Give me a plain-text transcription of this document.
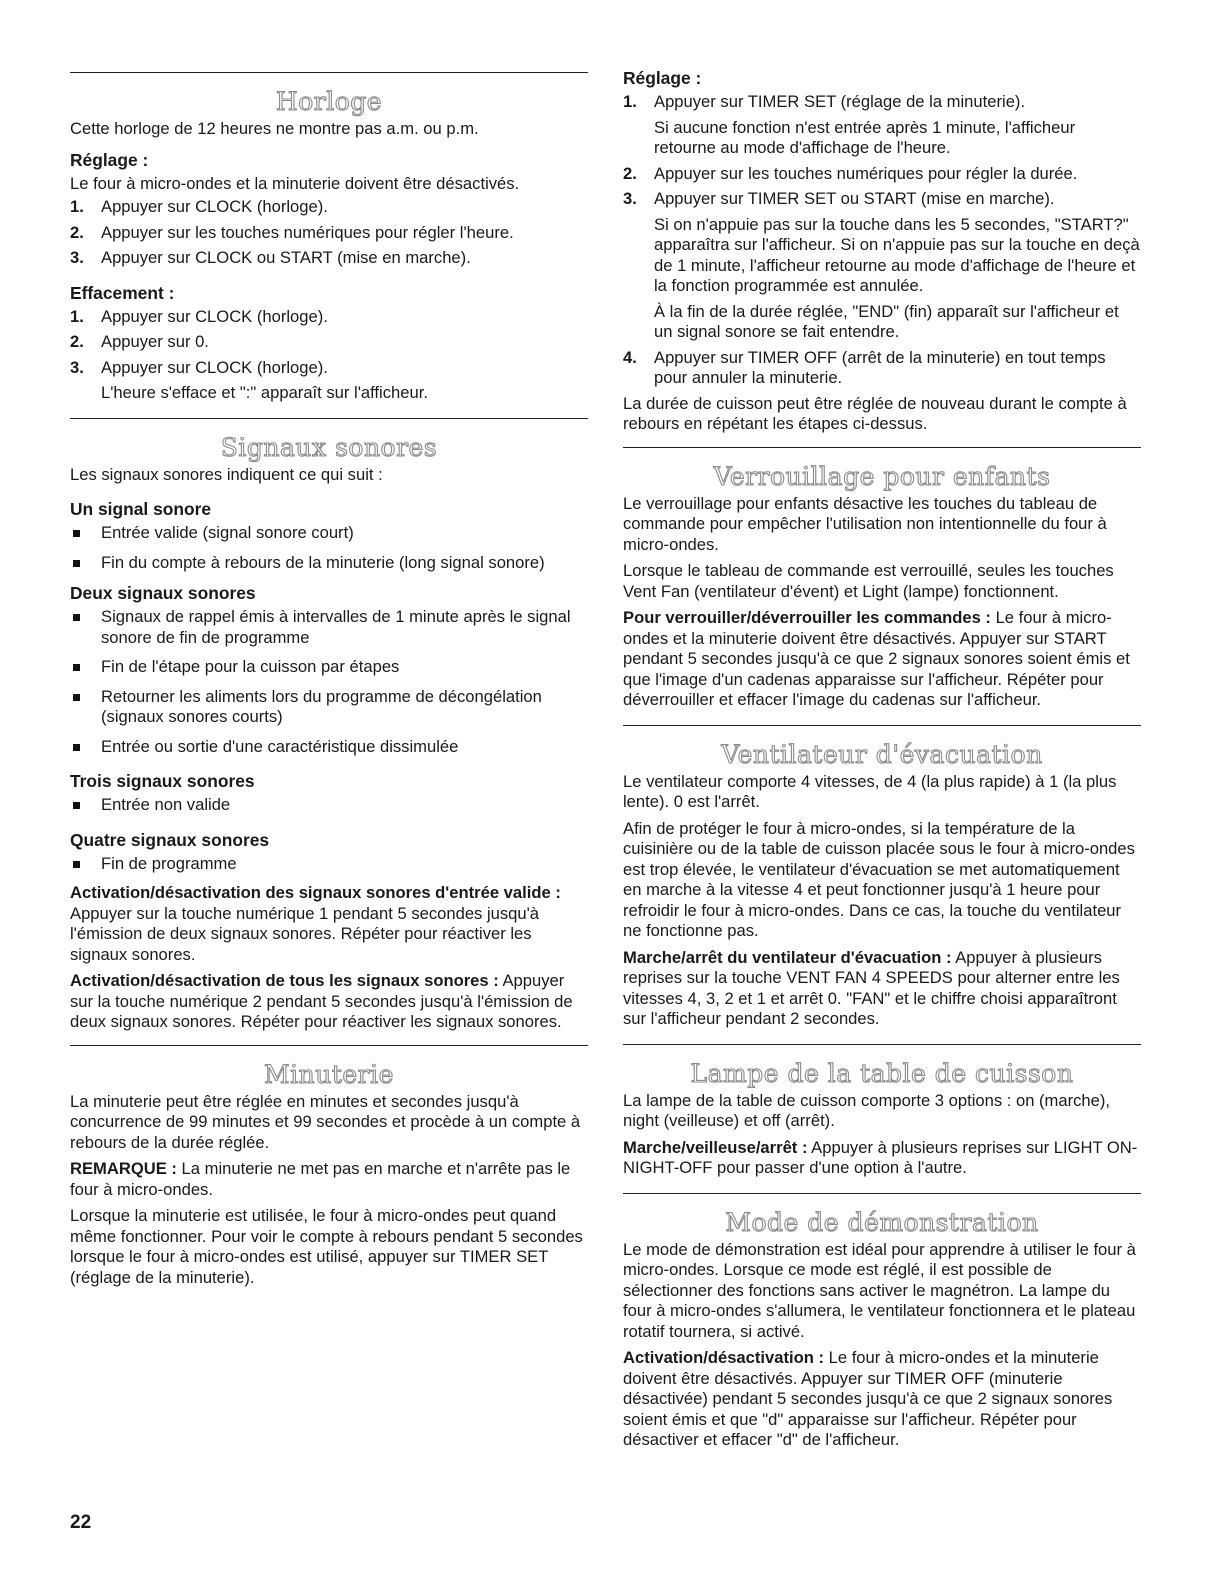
Horloge

Cette horloge de 12 heures ne montre pas a.m. ou p.m.

Réglage :

Le four à micro-ondes et la minuterie doivent être désactivés.

1. Appuyer sur CLOCK (horloge).
2. Appuyer sur les touches numériques pour régler l'heure.
3. Appuyer sur CLOCK ou START (mise en marche).
Effacement :
1. Appuyer sur CLOCK (horloge).
2. Appuyer sur 0.
3. Appuyer sur CLOCK (horloge).
L'heure s'efface et ":" apparaît sur l'afficheur.
Signaux sonores

Les signaux sonores indiquent ce qui suit :

Un signal sonore
Entrée valide (signal sonore court)
Fin du compte à rebours de la minuterie (long signal sonore)
Deux signaux sonores
Signaux de rappel émis à intervalles de 1 minute après le signal sonore de fin de programme
Fin de l'étape pour la cuisson par étapes
Retourner les aliments lors du programme de décongélation (signaux sonores courts)
Entrée ou sortie d'une caractéristique dissimulée
Trois signaux sonores
Entrée non valide
Quatre signaux sonores
Fin de programme

Activation/désactivation des signaux sonores d'entrée valide : Appuyer sur la touche numérique 1 pendant 5 secondes jusqu'à l'émission de deux signaux sonores. Répéter pour réactiver les signaux sonores.

Activation/désactivation de tous les signaux sonores : Appuyer sur la touche numérique 2 pendant 5 secondes jusqu'à l'émission de deux signaux sonores. Répéter pour réactiver les signaux sonores.

Minuterie

La minuterie peut être réglée en minutes et secondes jusqu'à concurrence de 99 minutes et 99 secondes et procède à un compte à rebours de la durée réglée.

REMARQUE : La minuterie ne met pas en marche et n'arrête pas le four à micro-ondes.

Lorsque la minuterie est utilisée, le four à micro-ondes peut quand même fonctionner. Pour voir le compte à rebours pendant 5 secondes lorsque le four à micro-ondes est utilisé, appuyer sur TIMER SET (réglage de la minuterie).

Réglage :
1. Appuyer sur TIMER SET (réglage de la minuterie).
Si aucune fonction n'est entrée après 1 minute, l'afficheur retourne au mode d'affichage de l'heure.
2. Appuyer sur les touches numériques pour régler la durée.
3. Appuyer sur TIMER SET ou START (mise en marche).
Si on n'appuie pas sur la touche dans les 5 secondes, "START?" apparaîtra sur l'afficheur. Si on n'appuie pas sur la touche en deçà de 1 minute, l'afficheur retourne au mode d'affichage de l'heure et la fonction programmée est annulée.
À la fin de la durée réglée, "END" (fin) apparaît sur l'afficheur et un signal sonore se fait entendre.
4. Appuyer sur TIMER OFF (arrêt de la minuterie) en tout temps pour annuler la minuterie.

La durée de cuisson peut être réglée de nouveau durant le compte à rebours en répétant les étapes ci-dessus.

Verrouillage pour enfants

Le verrouillage pour enfants désactive les touches du tableau de commande pour empêcher l'utilisation non intentionnelle du four à micro-ondes.

Lorsque le tableau de commande est verrouillé, seules les touches Vent Fan (ventilateur d'évent) et Light (lampe) fonctionnent.

Pour verrouiller/déverrouiller les commandes : Le four à micro-ondes et la minuterie doivent être désactivés. Appuyer sur START pendant 5 secondes jusqu'à ce que 2 signaux sonores soient émis et que l'image d'un cadenas apparaisse sur l'afficheur. Répéter pour déverrouiller et effacer l'image du cadenas sur l'afficheur.

Ventilateur d'évacuation

Le ventilateur comporte 4 vitesses, de 4 (la plus rapide) à 1 (la plus lente). 0 est l'arrêt.

Afin de protéger le four à micro-ondes, si la température de la cuisinière ou de la table de cuisson placée sous le four à micro-ondes est trop élevée, le ventilateur d'évacuation se met automatiquement en marche à la vitesse 4 et peut fonctionner jusqu'à 1 heure pour refroidir le four à micro-ondes. Dans ce cas, la touche du ventilateur ne fonctionne pas.

Marche/arrêt du ventilateur d'évacuation : Appuyer à plusieurs reprises sur la touche VENT FAN 4 SPEEDS pour alterner entre les vitesses 4, 3, 2 et 1 et arrêt 0. "FAN" et le chiffre choisi apparaîtront sur l'afficheur pendant 2 secondes.

Lampe de la table de cuisson

La lampe de la table de cuisson comporte 3 options : on (marche), night (veilleuse) et off (arrêt).

Marche/veilleuse/arrêt : Appuyer à plusieurs reprises sur LIGHT ON-NIGHT-OFF pour passer d'une option à l'autre.

Mode de démonstration

Le mode de démonstration est idéal pour apprendre à utiliser le four à micro-ondes. Lorsque ce mode est réglé, il est possible de sélectionner des fonctions sans activer le magnétron. La lampe du four à micro-ondes s'allumera, le ventilateur fonctionnera et le plateau rotatif tournera, si activé.

Activation/désactivation : Le four à micro-ondes et la minuterie doivent être désactivés. Appuyer sur TIMER OFF (minuterie désactivée) pendant 5 secondes jusqu'à ce que 2 signaux sonores soient émis et que "d" apparaisse sur l'afficheur. Répéter pour désactiver et effacer "d" de l'afficheur.

22
